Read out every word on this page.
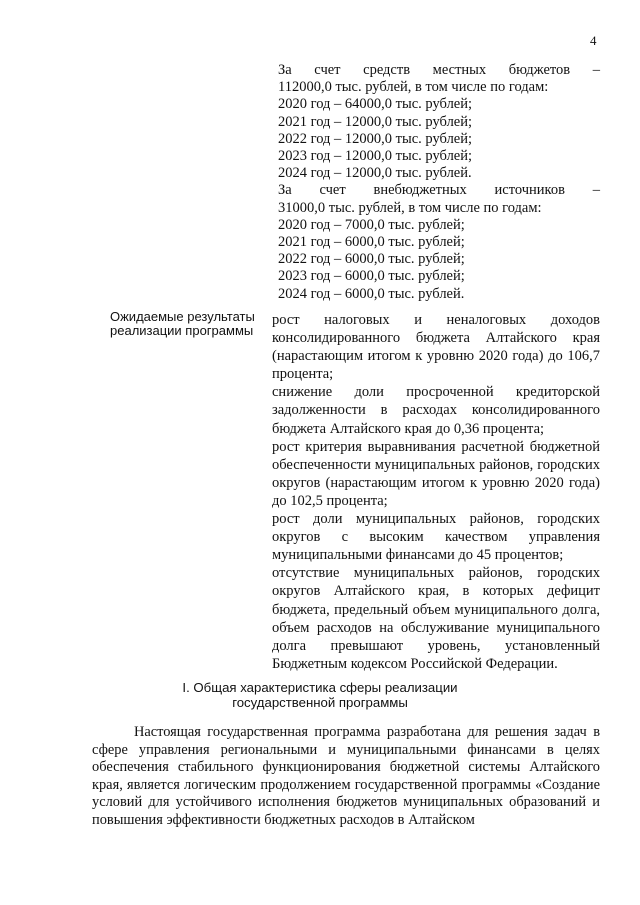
4
За счет средств местных бюджетов –
112000,0 тыс. рублей, в том числе по годам:
2020 год – 64000,0 тыс. рублей;
2021 год – 12000,0 тыс. рублей;
2022 год – 12000,0 тыс. рублей;
2023 год – 12000,0 тыс. рублей;
2024 год – 12000,0 тыс. рублей.
За счет внебюджетных источников –
31000,0 тыс. рублей, в том числе по годам:
2020 год – 7000,0 тыс. рублей;
2021 год – 6000,0 тыс. рублей;
2022 год – 6000,0 тыс. рублей;
2023 год – 6000,0 тыс. рублей;
2024 год – 6000,0 тыс. рублей.
Ожидаемые результаты реализации программы
рост налоговых и неналоговых доходов консолидированного бюджета Алтайского края (нарастающим итогом к уровню 2020 года) до 106,7 процента;
снижение доли просроченной кредиторской задолженности в расходах консолидированного бюджета Алтайского края до 0,36 процента;
рост критерия выравнивания расчетной бюджетной обеспеченности муниципальных районов, городских округов (нарастающим итогом к уровню 2020 года) до 102,5 процента;
рост доли муниципальных районов, городских округов с высоким качеством управления муниципальными финансами до 45 процентов;
отсутствие муниципальных районов, городских округов Алтайского края, в которых дефицит бюджета, предельный объем муниципального долга, объем расходов на обслуживание муниципального долга превышают уровень, установленный Бюджетным кодексом Российской Федерации.
I. Общая характеристика сферы реализации
государственной программы
Настоящая государственная программа разработана для решения задач в сфере управления региональными и муниципальными финансами в целях обеспечения стабильного функционирования бюджетной системы Алтайского края, является логическим продолжением государственной программы «Создание условий для устойчивого исполнения бюджетов муниципальных образований и повышения эффективности бюджетных расходов в Алтайском
